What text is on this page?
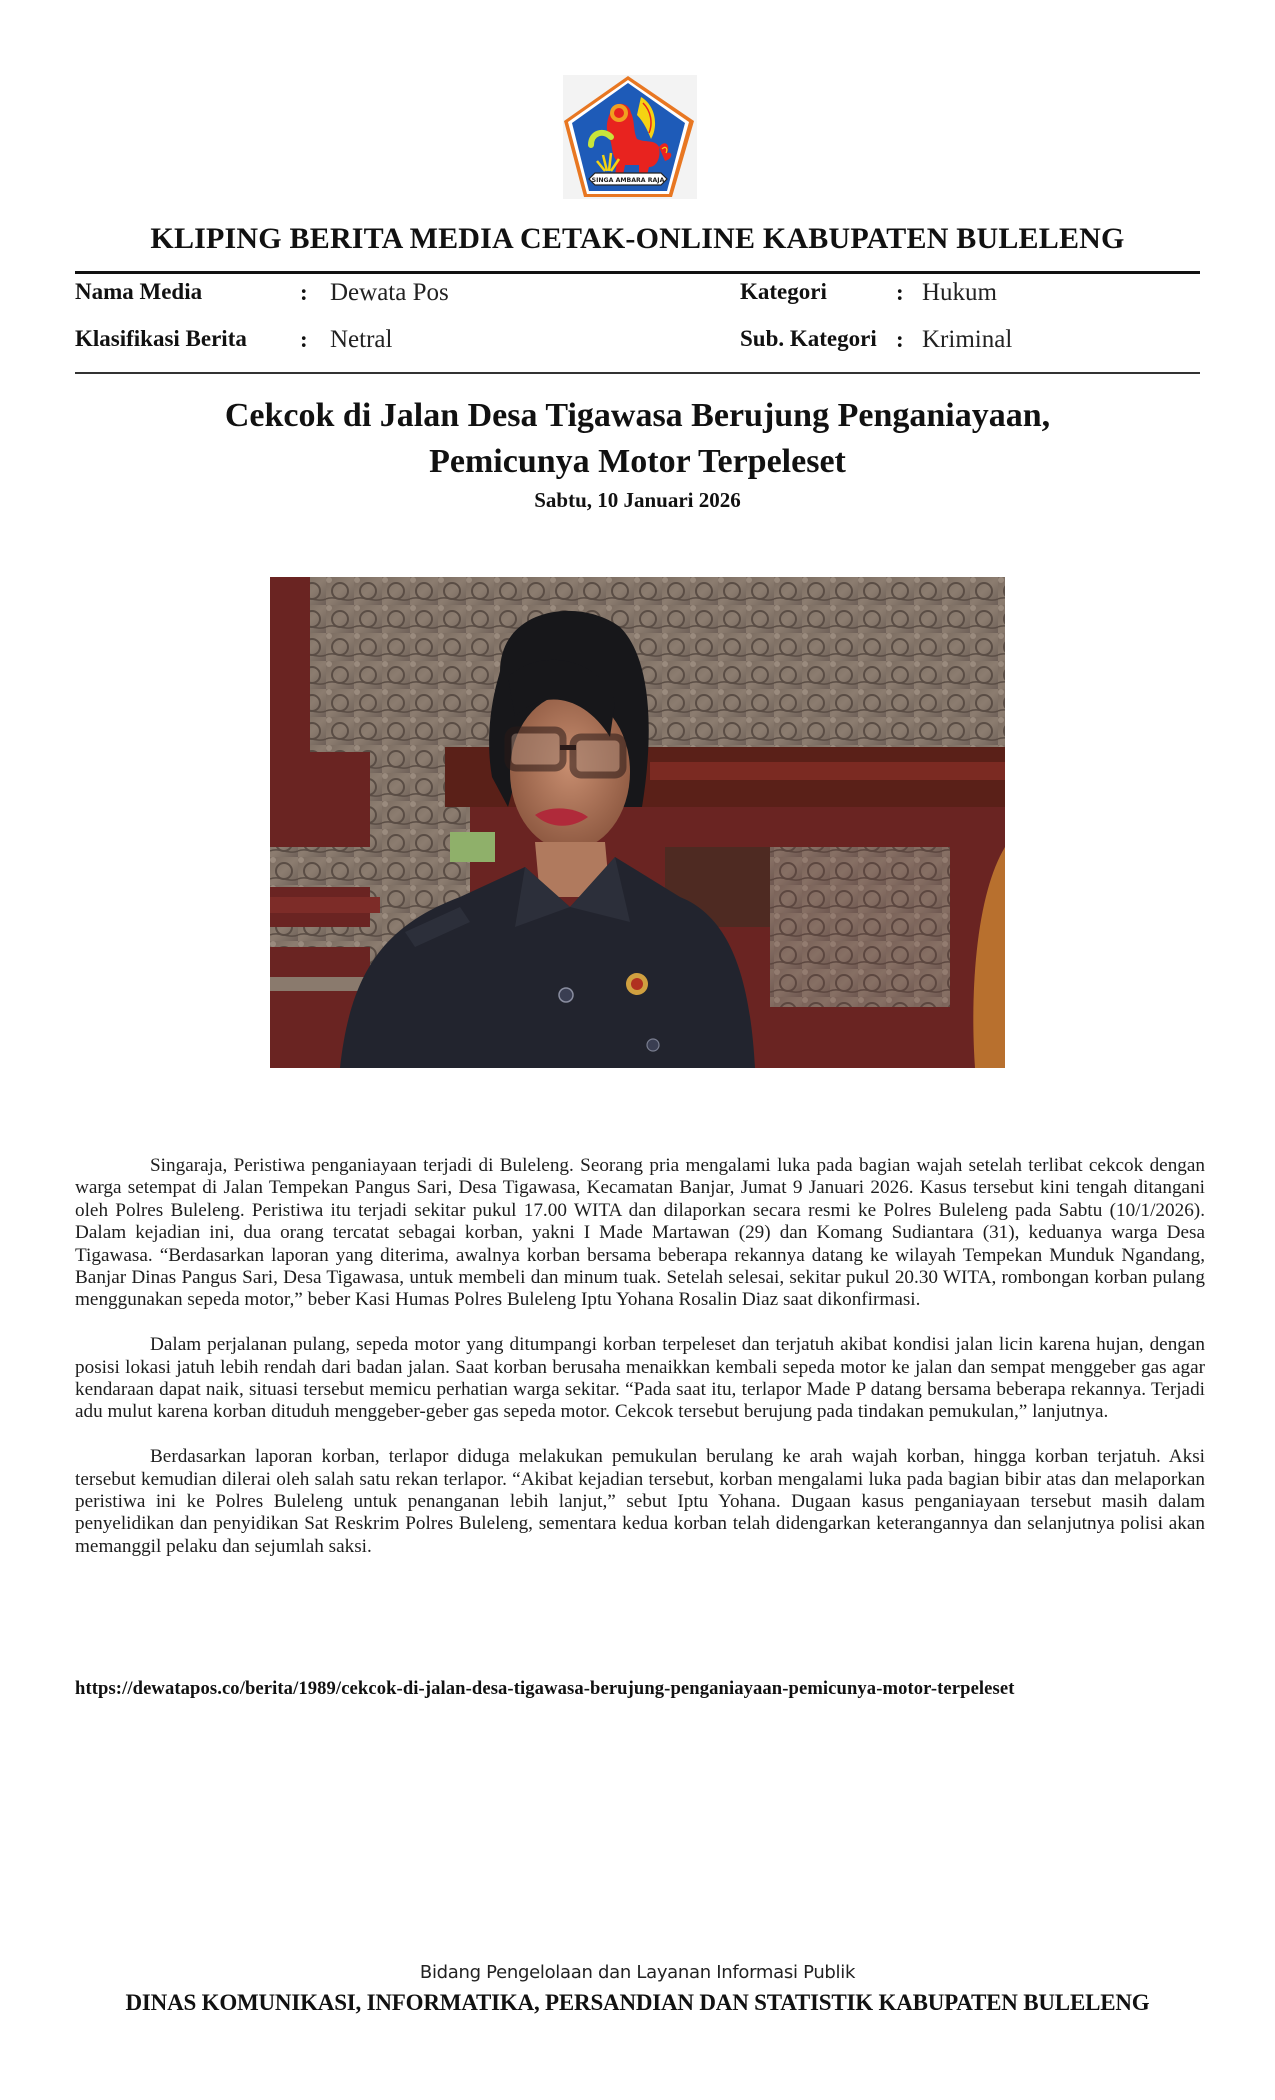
SINGA AMBARA RAJA
KLIPING BERITA MEDIA CETAK-ONLINE KABUPATEN BULELENG
Nama Media	: Dewata Pos
Klasifikasi Berita : Netral
Kategori	: Hukum
Sub. Kategori : Kriminal
Cekcok di Jalan Desa Tigawasa Berujung Penganiayaan,
Pemicunya Motor Terpeleset
Sabtu, 10 Januari 2026

Singaraja, Peristiwa penganiayaan terjadi di Buleleng. Seorang pria mengalami luka pada bagian wajah setelah terlibat cekcok dengan warga setempat di Jalan Tempekan Pangus Sari, Desa Tigawasa, Kecamatan Banjar, Jumat 9 Januari 2026. Kasus tersebut kini tengah ditangani oleh Polres Buleleng. Peristiwa itu terjadi sekitar pukul 17.00 WITA dan dilaporkan secara resmi ke Polres Buleleng pada Sabtu (10/1/2026). Dalam kejadian ini, dua orang tercatat sebagai korban, yakni I Made Martawan (29) dan Komang Sudiantara (31), keduanya warga Desa Tigawasa. “Berdasarkan laporan yang diterima, awalnya korban bersama beberapa rekannya datang ke wilayah Tempekan Munduk Ngandang, Banjar Dinas Pangus Sari, Desa Tigawasa, untuk membeli dan minum tuak. Setelah selesai, sekitar pukul 20.30 WITA, rombongan korban pulang menggunakan sepeda motor,” beber Kasi Humas Polres Buleleng Iptu Yohana Rosalin Diaz saat dikonfirmasi.

Dalam perjalanan pulang, sepeda motor yang ditumpangi korban terpeleset dan terjatuh akibat kondisi jalan licin karena hujan, dengan posisi lokasi jatuh lebih rendah dari badan jalan. Saat korban berusaha menaikkan kembali sepeda motor ke jalan dan sempat menggeber gas agar kendaraan dapat naik, situasi tersebut memicu perhatian warga sekitar. “Pada saat itu, terlapor Made P datang bersama beberapa rekannya. Terjadi adu mulut karena korban dituduh menggeber-geber gas sepeda motor. Cekcok tersebut berujung pada tindakan pemukulan,” lanjutnya.

Berdasarkan laporan korban, terlapor diduga melakukan pemukulan berulang ke arah wajah korban, hingga korban terjatuh. Aksi tersebut kemudian dilerai oleh salah satu rekan terlapor. “Akibat kejadian tersebut, korban mengalami luka pada bagian bibir atas dan melaporkan peristiwa ini ke Polres Buleleng untuk penanganan lebih lanjut,” sebut Iptu Yohana. Dugaan kasus penganiayaan tersebut masih dalam penyelidikan dan penyidikan Sat Reskrim Polres Buleleng, sementara kedua korban telah didengarkan keterangannya dan selanjutnya polisi akan memanggil pelaku dan sejumlah saksi.

https://dewatapos.co/berita/1989/cekcok-di-jalan-desa-tigawasa-berujung-penganiayaan-pemicunya-motor-terpeleset
Bidang Pengelolaan dan Layanan Informasi Publik
DINAS KOMUNIKASI, INFORMATIKA, PERSANDIAN DAN STATISTIK KABUPATEN BULELENG
